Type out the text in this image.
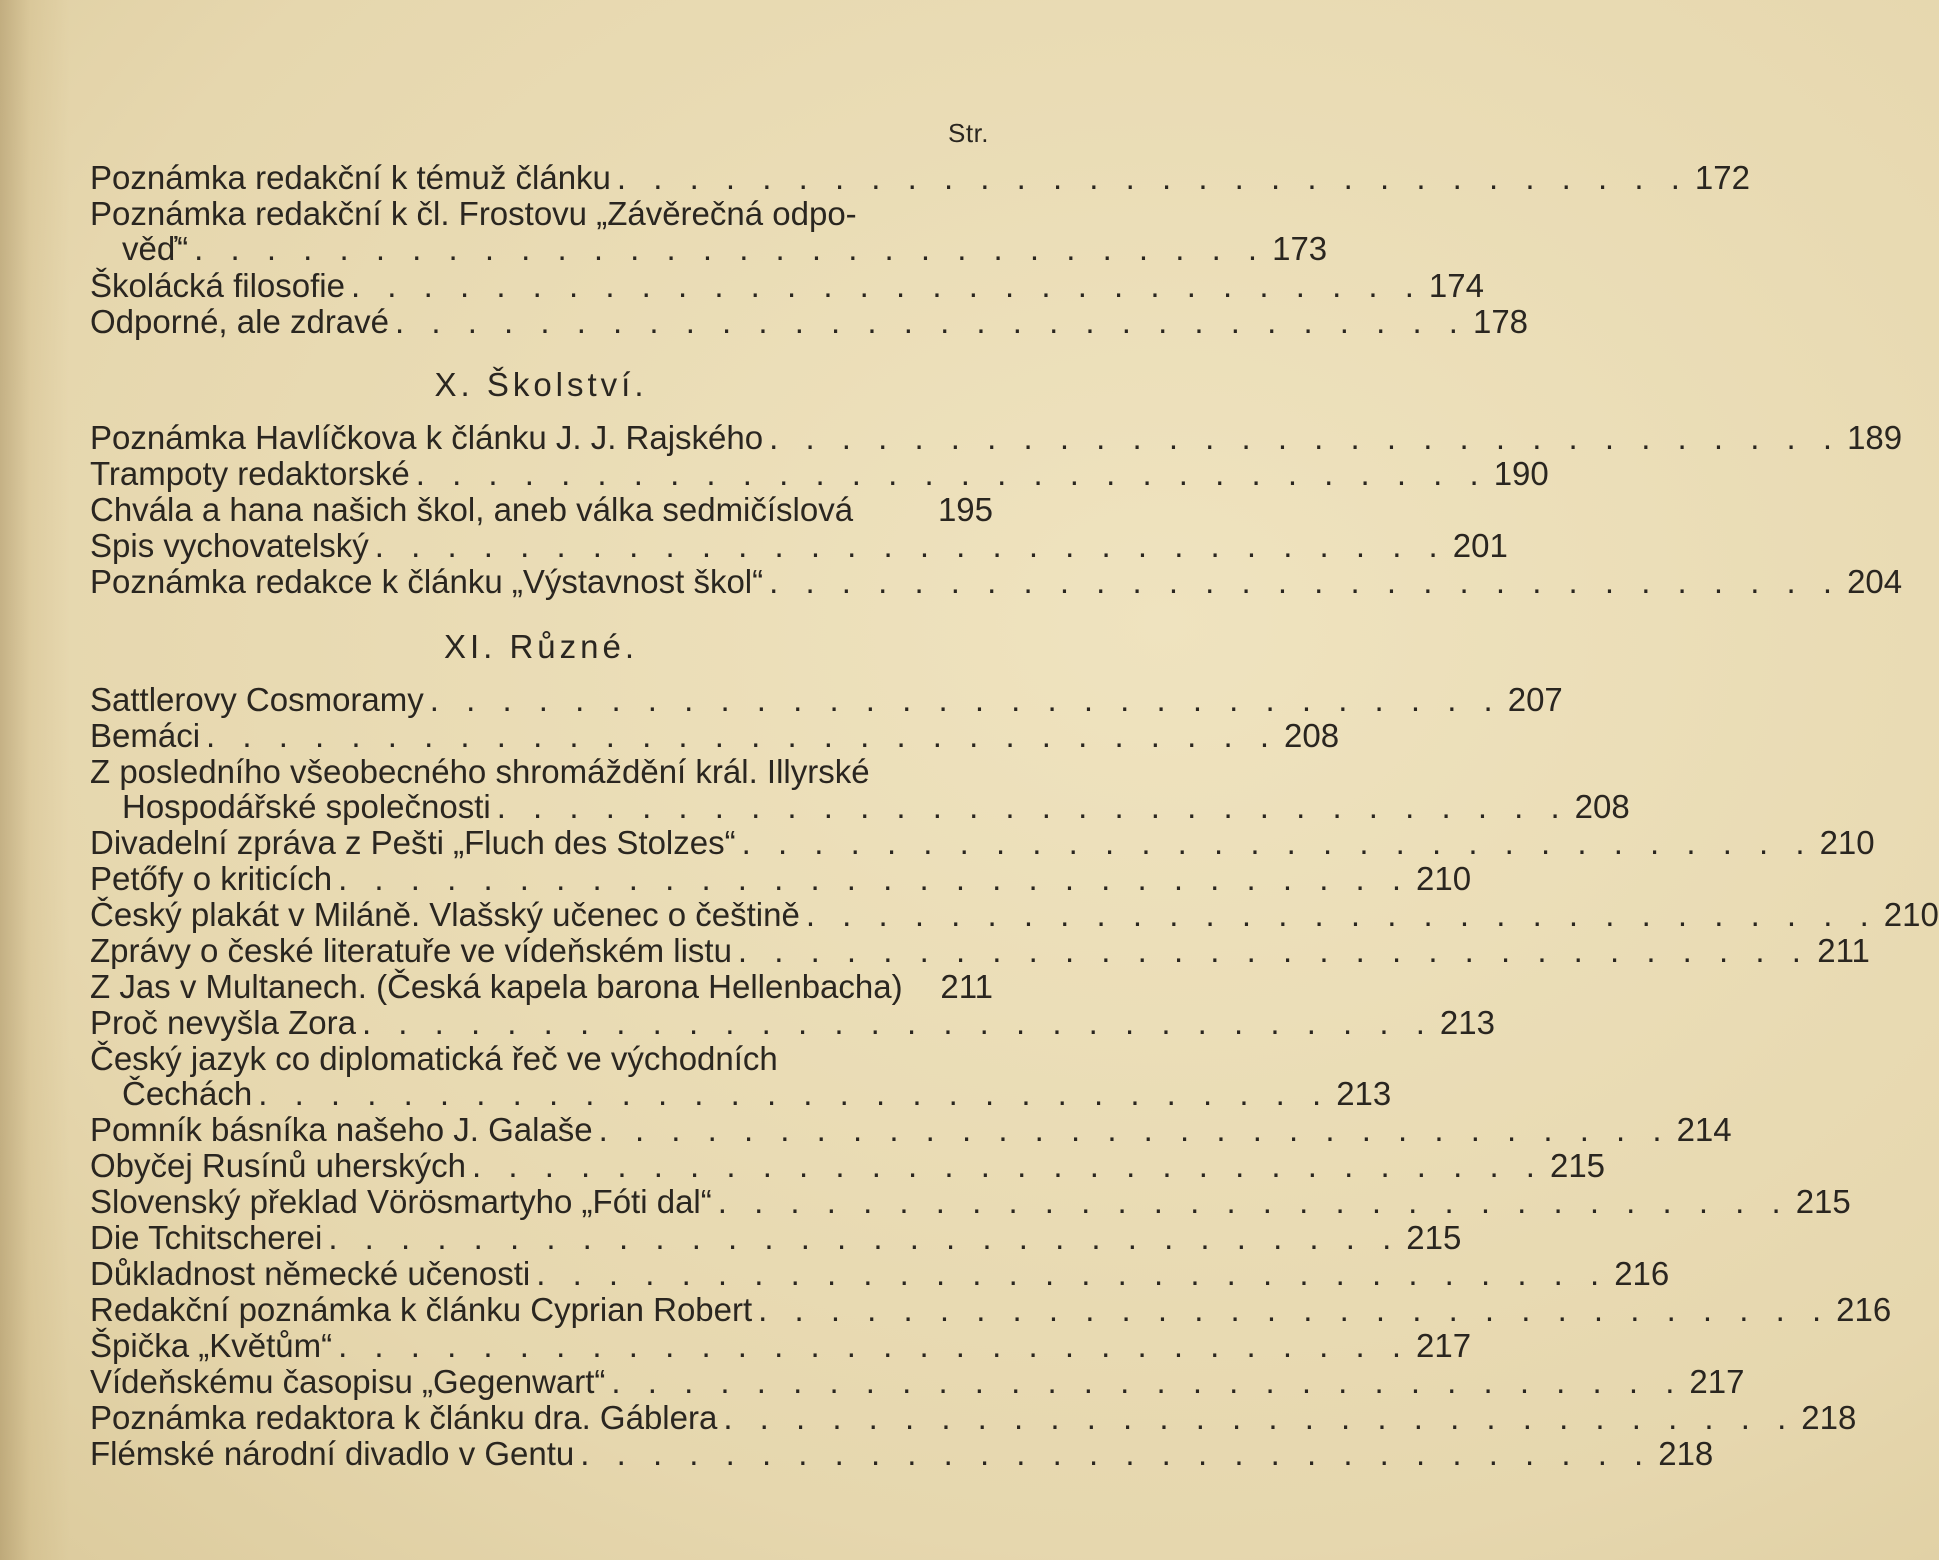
Str.
Poznámka redakční k témuž článku . . . . . . . . . . . . . . . . . . . . . . . . . . . . . . 172
Poznámka redakční k čl. Frostovu „Závěrečná odpo-
věď“ . . . . . . . . . . . . . . . . . . . . . . . . . . . . . . 173
Školácká filosofie . . . . . . . . . . . . . . . . . . . . . . . . . . . . . . 174
Odporné, ale zdravé . . . . . . . . . . . . . . . . . . . . . . . . . . . . . . 178
X. Školství.
Poznámka Havlíčkova k článku J. J. Rajského . . . . . . . . . . . . . . . . . . . . . . . . . . . . . . 189
Trampoty redaktorské . . . . . . . . . . . . . . . . . . . . . . . . . . . . . . 190
Chvála a hana našich škol, aneb válka sedmičíslová	195
Spis vychovatelský . . . . . . . . . . . . . . . . . . . . . . . . . . . . . . 201
Poznámka redakce k článku „Výstavnost škol“ . . . . . . . . . . . . . . . . . . . . . . . . . . . . . . 204
XI. Různé.
Sattlerovy Cosmoramy . . . . . . . . . . . . . . . . . . . . . . . . . . . . . . 207
Bemáci . . . . . . . . . . . . . . . . . . . . . . . . . . . . . . 208
Z posledního všeobecného shromáždění král. Illyrské
Hospodářské společnosti . . . . . . . . . . . . . . . . . . . . . . . . . . . . . . 208
Divadelní zpráva z Pešti „Fluch des Stolzes“ . . . . . . . . . . . . . . . . . . . . . . . . . . . . . . 210
Petőfy o kriticích . . . . . . . . . . . . . . . . . . . . . . . . . . . . . . 210
Český plakát v Miláně. Vlašský učenec o češtině . . . . . . . . . . . . . . . . . . . . . . . . . . . . . . 210
Zprávy o české literatuře ve vídeňském listu . . . . . . . . . . . . . . . . . . . . . . . . . . . . . . 211
Z Jas v Multanech. (Česká kapela barona Hellenbacha) 211
Proč nevyšla Zora . . . . . . . . . . . . . . . . . . . . . . . . . . . . . . 213
Český jazyk co diplomatická řeč ve východních
Čechách . . . . . . . . . . . . . . . . . . . . . . . . . . . . . . 213
Pomník básníka našeho J. Galaše . . . . . . . . . . . . . . . . . . . . . . . . . . . . . . 214
Obyčej Rusínů uherských . . . . . . . . . . . . . . . . . . . . . . . . . . . . . . 215
Slovenský překlad Vörösmartyho „Fóti dal“ . . . . . . . . . . . . . . . . . . . . . . . . . . . . . . 215
Die Tchitscherei . . . . . . . . . . . . . . . . . . . . . . . . . . . . . . 215
Důkladnost německé učenosti . . . . . . . . . . . . . . . . . . . . . . . . . . . . . . 216
Redakční poznámka k článku Cyprian Robert . . . . . . . . . . . . . . . . . . . . . . . . . . . . . . 216
Špička „Květům“ . . . . . . . . . . . . . . . . . . . . . . . . . . . . . . 217
Vídeňskému časopisu „Gegenwart“ . . . . . . . . . . . . . . . . . . . . . . . . . . . . . . 217
Poznámka redaktora k článku dra. Gáblera . . . . . . . . . . . . . . . . . . . . . . . . . . . . . . 218
Flémské národní divadlo v Gentu . . . . . . . . . . . . . . . . . . . . . . . . . . . . . . 218
